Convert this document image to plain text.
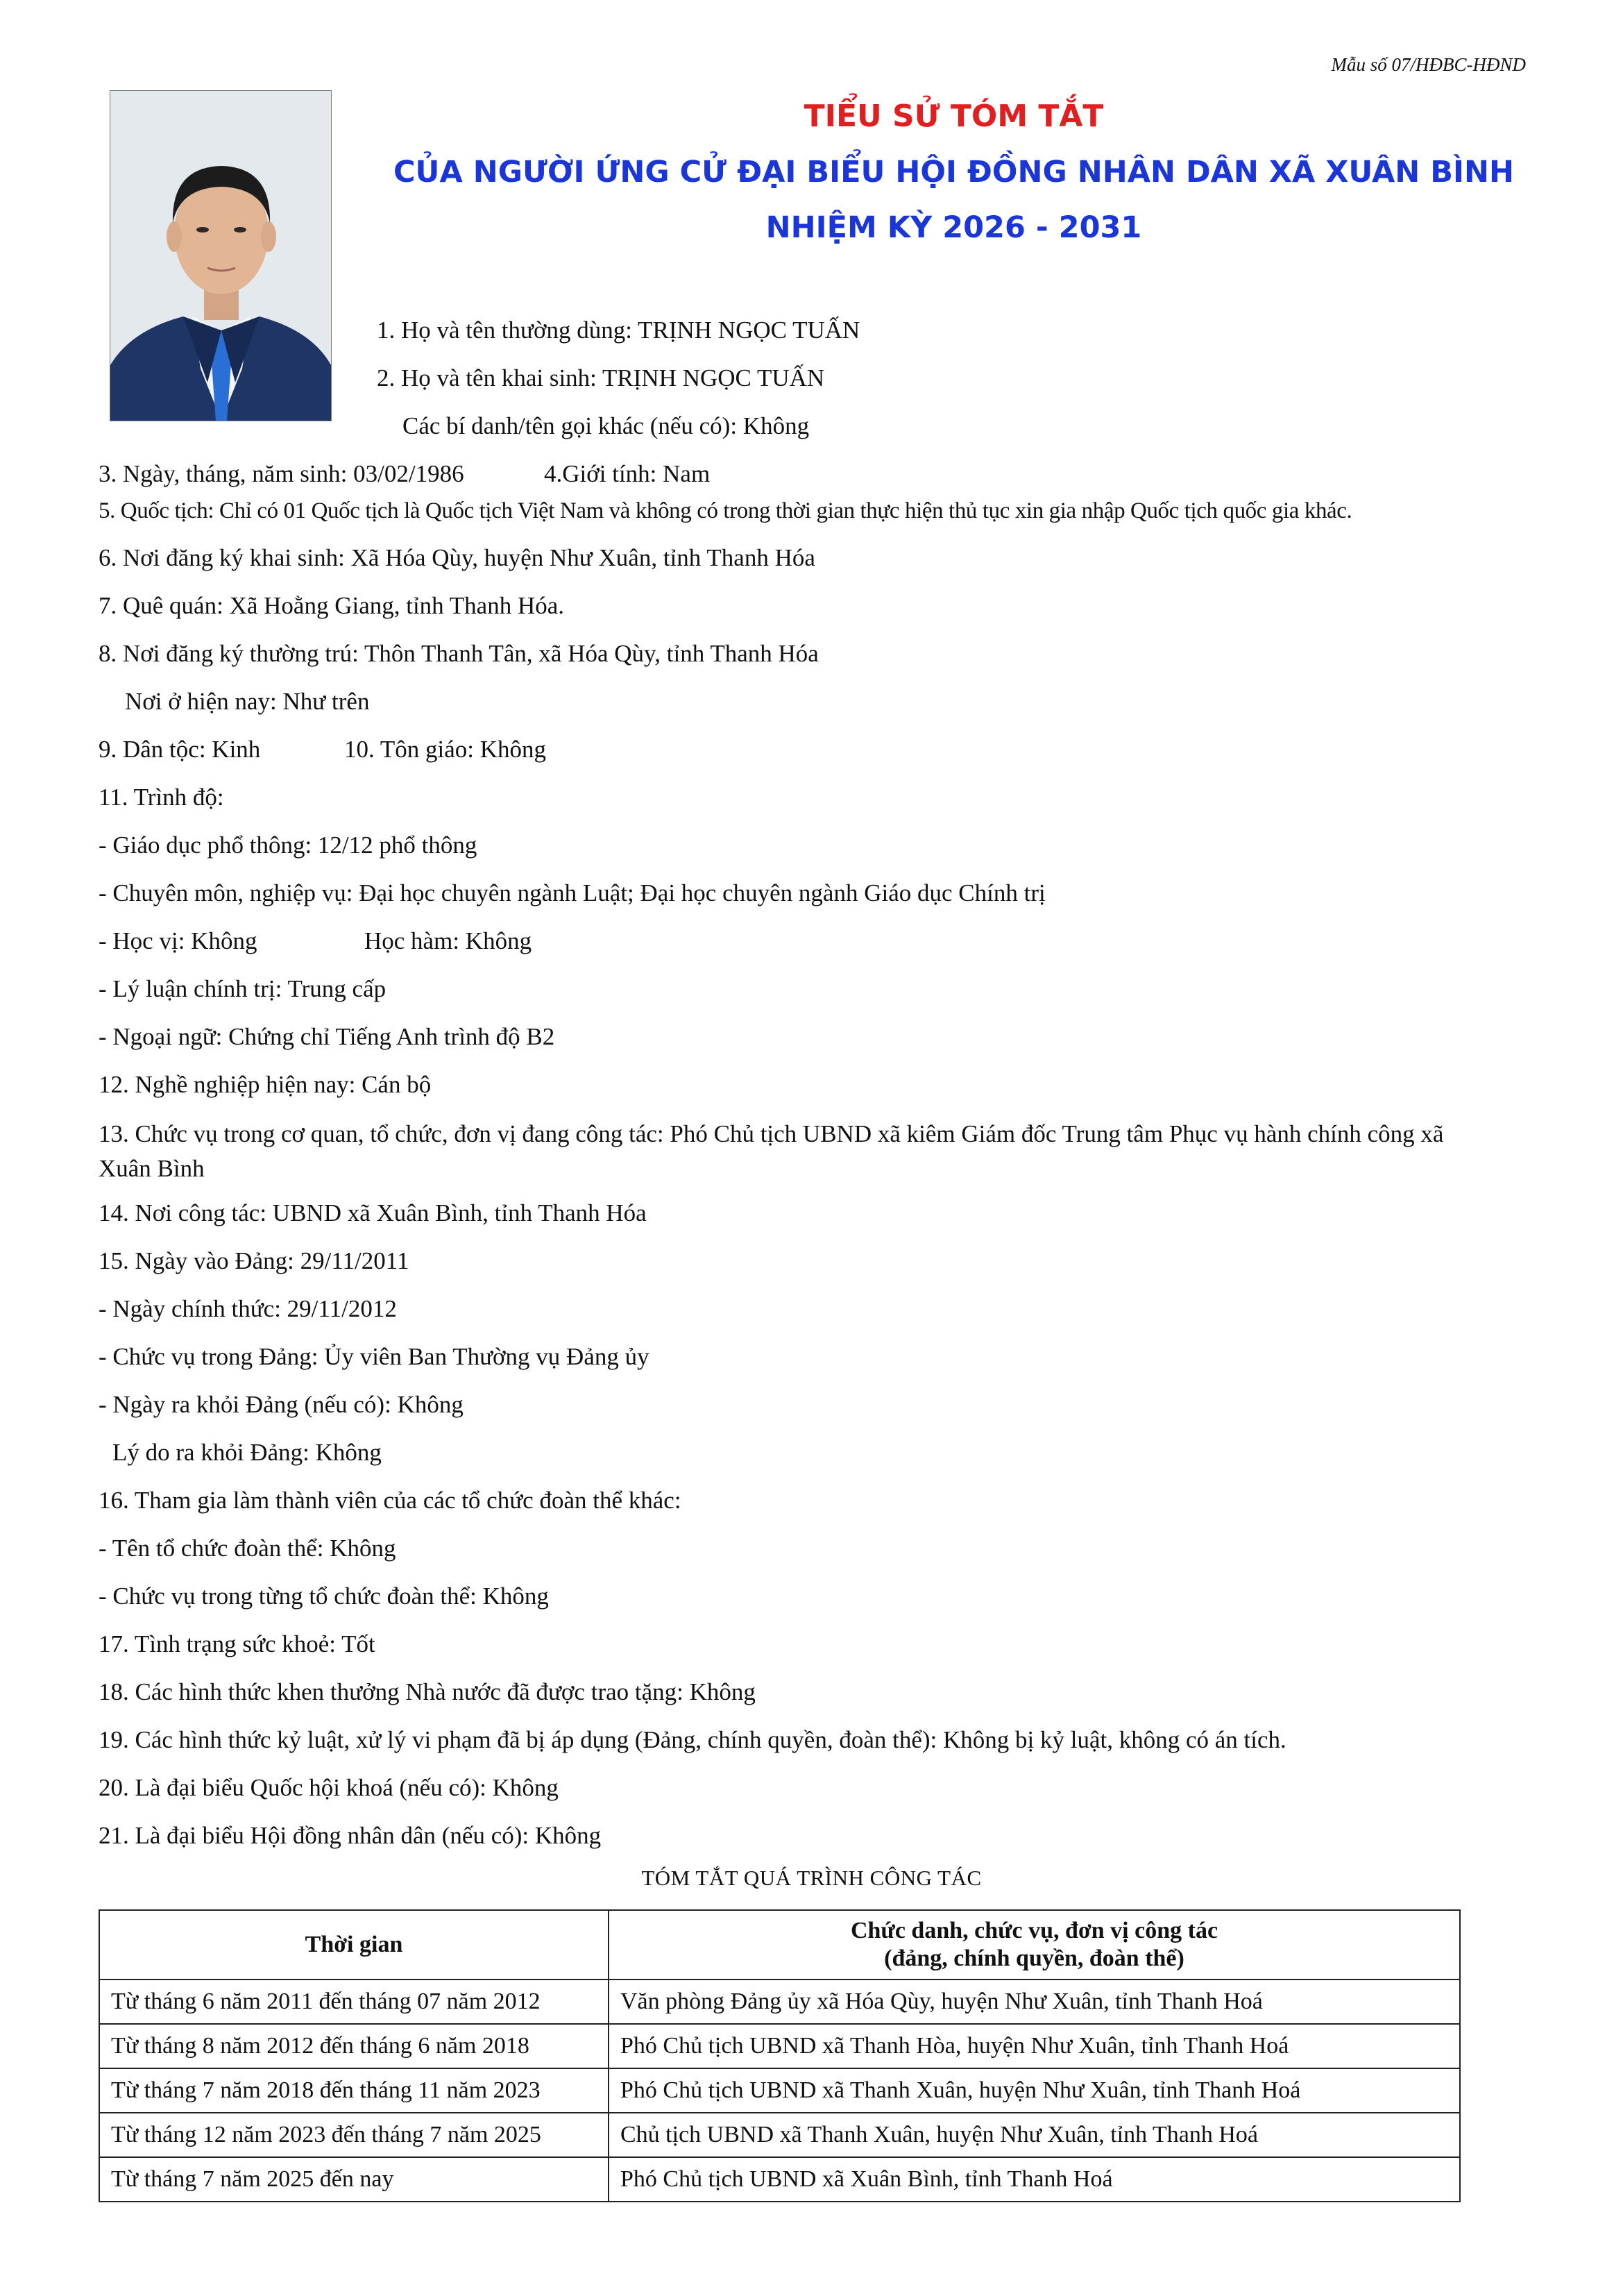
Mẫu số 07/HĐBC-HĐND
TIỂU SỬ TÓM TẮT
CỦA NGƯỜI ỨNG CỬ ĐẠI BIỂU HỘI ĐỒNG NHÂN DÂN XÃ XUÂN BÌNH
NHIỆM KỲ 2026 - 2031
1. Họ và tên thường dùng: TRỊNH NGỌC TUẤN
2. Họ và tên khai sinh: TRỊNH NGỌC TUẤN
Các bí danh/tên gọi khác (nếu có): Không
3. Ngày, tháng, năm sinh: 03/02/1986	4.Giới tính: Nam
5. Quốc tịch: Chỉ có 01 Quốc tịch là Quốc tịch Việt Nam và không có trong thời gian thực hiện thủ tục xin gia nhập Quốc tịch quốc gia khác.
6. Nơi đăng ký khai sinh: Xã Hóa Qùy, huyện Như Xuân, tỉnh Thanh Hóa
7. Quê quán: Xã Hoằng Giang, tỉnh Thanh Hóa.
8. Nơi đăng ký thường trú: Thôn Thanh Tân, xã Hóa Qùy, tỉnh Thanh Hóa
Nơi ở hiện nay: Như trên
9. Dân tộc: Kinh	10. Tôn giáo: Không
11. Trình độ:
- Giáo dục phổ thông: 12/12 phổ thông
- Chuyên môn, nghiệp vụ: Đại học chuyên ngành Luật; Đại học chuyên ngành Giáo dục Chính trị
- Học vị: Không	Học hàm: Không
- Lý luận chính trị: Trung cấp
- Ngoại ngữ: Chứng chỉ Tiếng Anh trình độ B2
12. Nghề nghiệp hiện nay: Cán bộ
13. Chức vụ trong cơ quan, tổ chức, đơn vị đang công tác: Phó Chủ tịch UBND xã kiêm Giám đốc Trung tâm Phục vụ hành chính công xã Xuân Bình
14. Nơi công tác: UBND xã Xuân Bình, tỉnh Thanh Hóa
15. Ngày vào Đảng: 29/11/2011
- Ngày chính thức: 29/11/2012
- Chức vụ trong Đảng: Ủy viên Ban Thường vụ Đảng ủy
- Ngày ra khỏi Đảng (nếu có): Không
Lý do ra khỏi Đảng: Không
16. Tham gia làm thành viên của các tổ chức đoàn thể khác:
- Tên tổ chức đoàn thể: Không
- Chức vụ trong từng tổ chức đoàn thể: Không
17. Tình trạng sức khoẻ: Tốt
18. Các hình thức khen thưởng Nhà nước đã được trao tặng: Không
19. Các hình thức kỷ luật, xử lý vi phạm đã bị áp dụng (Đảng, chính quyền, đoàn thể): Không bị kỷ luật, không có án tích.
20. Là đại biểu Quốc hội khoá (nếu có): Không
21. Là đại biểu Hội đồng nhân dân (nếu có): Không
TÓM TẮT QUÁ TRÌNH CÔNG TÁC
Thời gian	Chức danh, chức vụ, đơn vị công tác
(đảng, chính quyền, đoàn thể)

Từ tháng 6 năm 2011 đến tháng 07 năm 2012	Văn phòng Đảng ủy xã Hóa Qùy, huyện Như Xuân, tỉnh Thanh Hoá
Từ tháng 8 năm 2012 đến tháng 6 năm 2018	Phó Chủ tịch UBND xã Thanh Hòa, huyện Như Xuân, tỉnh Thanh Hoá
Từ tháng 7 năm 2018 đến tháng 11 năm 2023	Phó Chủ tịch UBND xã Thanh Xuân, huyện Như Xuân, tỉnh Thanh Hoá
Từ tháng 12 năm 2023 đến tháng 7 năm 2025	Chủ tịch UBND xã Thanh Xuân, huyện Như Xuân, tỉnh Thanh Hoá
Từ tháng 7 năm 2025 đến nay	Phó Chủ tịch UBND xã Xuân Bình, tỉnh Thanh Hoá
